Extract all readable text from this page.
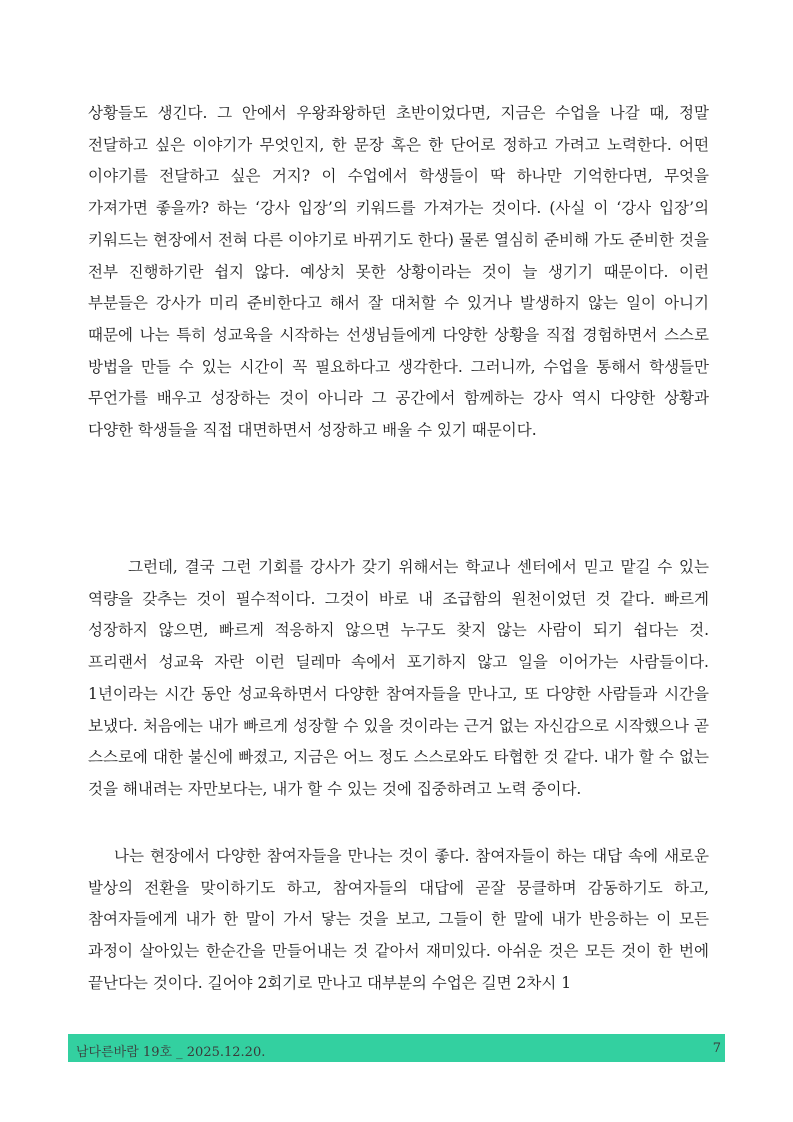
상황들도 생긴다. 그 안에서 우왕좌왕하던 초반이었다면, 지금은 수업을 나갈 때, 정말 전달하고 싶은 이야기가 무엇인지, 한 문장 혹은 한 단어로 정하고 가려고 노력한다. 어떤 이야기를 전달하고 싶은 거지? 이 수업에서 학생들이 딱 하나만 기억한다면, 무엇을 가져가면 좋을까? 하는 ‘강사 입장’의 키워드를 가져가는 것이다. (사실 이 ‘강사 입장’의 키워드는 현장에서 전혀 다른 이야기로 바뀌기도 한다) 물론 열심히 준비해 가도 준비한 것을 전부 진행하기란 쉽지 않다. 예상치 못한 상황이라는 것이 늘 생기기 때문이다. 이런 부분들은 강사가 미리 준비한다고 해서 잘 대처할 수 있거나 발생하지 않는 일이 아니기 때문에 나는 특히 성교육을 시작하는 선생님들에게 다양한 상황을 직접 경험하면서 스스로 방법을 만들 수 있는 시간이 꼭 필요하다고 생각한다. 그러니까, 수업을 통해서 학생들만 무언가를 배우고 성장하는 것이 아니라 그 공간에서 함께하는 강사 역시 다양한 상황과 다양한 학생들을 직접 대면하면서 성장하고 배울 수 있기 때문이다.

그런데, 결국 그런 기회를 강사가 갖기 위해서는 학교나 센터에서 믿고 맡길 수 있는 역량을 갖추는 것이 필수적이다. 그것이 바로 내 조급함의 원천이었던 것 같다. 빠르게 성장하지 않으면, 빠르게 적응하지 않으면 누구도 찾지 않는 사람이 되기 쉽다는 것. 프리랜서 성교육 자란 이런 딜레마 속에서 포기하지 않고 일을 이어가는 사람들이다. 1년이라는 시간 동안 성교육하면서 다양한 참여자들을 만나고, 또 다양한 사람들과 시간을 보냈다. 처음에는 내가 빠르게 성장할 수 있을 것이라는 근거 없는 자신감으로 시작했으나 곧 스스로에 대한 불신에 빠졌고, 지금은 어느 정도 스스로와도 타협한 것 같다. 내가 할 수 없는 것을 해내려는 자만보다는, 내가 할 수 있는 것에 집중하려고 노력 중이다.

나는 현장에서 다양한 참여자들을 만나는 것이 좋다. 참여자들이 하는 대답 속에 새로운 발상의 전환을 맞이하기도 하고, 참여자들의 대답에 곧잘 뭉클하며 감동하기도 하고, 참여자들에게 내가 한 말이 가서 닿는 것을 보고, 그들이 한 말에 내가 반응하는 이 모든 과정이 살아있는 한순간을 만들어내는 것 같아서 재미있다. 아쉬운 것은 모든 것이 한 번에 끝난다는 것이다. 길어야 2회기로 만나고 대부분의 수업은 길면 2차시 1

남다른바람 19호 _ 2025.12.20.	7
